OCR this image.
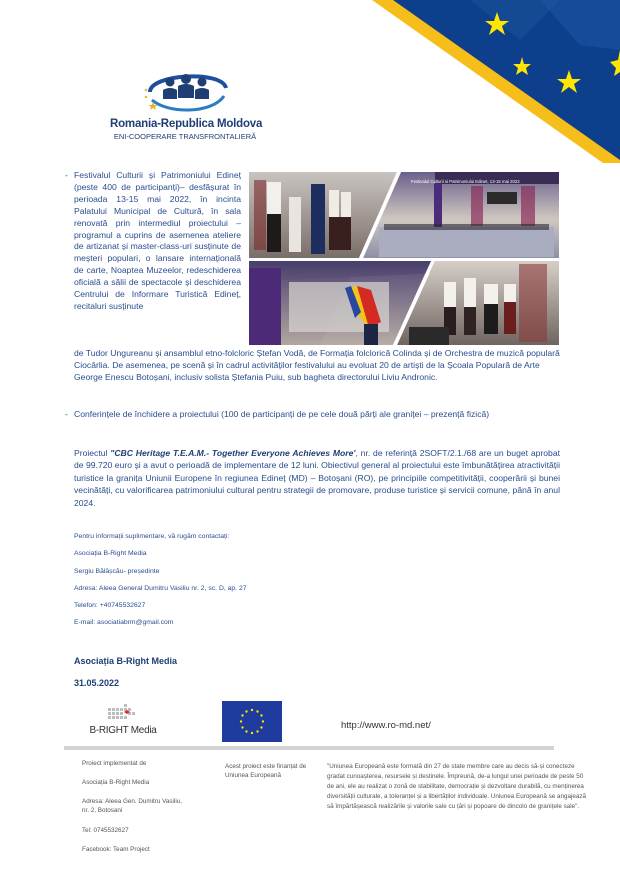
Romania-Republica Moldova
ENI-COOPERARE TRANSFRONTALIERĂ
- Festivalul Culturii și Patrimoniului Edineț (peste 400 de participanți)– desfășurat în perioada 13-15 mai 2022, în incinta Palatului Municipal de Cultură, în sala renovată prin intermediul proiectului – programul a cuprins de asemenea ateliere de artizanat și master-class-uri susținute de meșteri populari, o lansare internațională de carte, Noaptea Muzeelor, redeschiderea oficială a sălii de spectacole și deschiderea Centrului de Informare Turistică Edineț, recitaluri susținute
de Tudor Ungureanu și ansamblul etno-folcloric Ștefan Vodă, de Formația folclorică Colinda și de Orchestra de muzică populară Ciocârlia. De asemenea, pe scenă și în cadrul activităților festivalului au evoluat 20 de artiști de la Școala Populară de Arte George Enescu Botoșani, inclusiv solista Ștefania Puiu, sub bagheta directorului Liviu Andronic.
Festivalul Culturii si Patrimoniului Edinet, 13-15 mai 2022
- Conferințele de închidere a proiectului (100 de participanți de pe cele două părți ale graniței – prezență fizică)
Proiectul "CBC Heritage T.E.A.M.- Together Everyone Achieves More', nr. de referință 2SOFT/2.1./68 are un buget aprobat de 99.720 euro și a avut o perioadă de implementare de 12 luni. Obiectivul general al proiectului este îmbunătățirea atractivității turistice la granița Uniunii Europene în regiunea Edineț (MD) – Botoșani (RO), pe principiile competitivității, cooperării și bunei vecinătăți, cu valorificarea patrimoniului cultural pentru strategii de promovare, produse turistice și servicii comune, până în anul 2024.
Pentru informații suplimentare, vă rugăm contactați:
Asociația B-Right Media
Sergiu Bălășcău- președinte
Adresa: Aleea General Dumitru Vasiliu nr. 2, sc. D, ap. 27
Telefon: +40745532627
E-mail: asociatiabrm@gmail.com
Asociația B-Right Media
31.05.2022
B-RIGHT Media	http://www.ro-md.net/
Proiect implementat de
Asociația B-Right Media
Adresa: Aleea Gen. Dumitru Vasiliu, nr. 2, Botosani
Tel: 0745532627
Facebook: Team Project
Acest proiect este finanțat de Uniunea Europeană
"Uniunea Europeană este formată din 27 de state membre care au decis să-și conecteze gradat cunoașterea, resursele și destinele. Împreună, de-a lungul unei perioade de peste 50 de ani, ele au realizat o zonă de stabilitate, democrație și dezvoltare durabilă, cu menținerea diversității culturale, a toleranței și a libertăților individuale. Uniunea Europeană se angajează să împărtășească realizările și valorile sale cu țări și popoare de dincolo de granițele sale".
